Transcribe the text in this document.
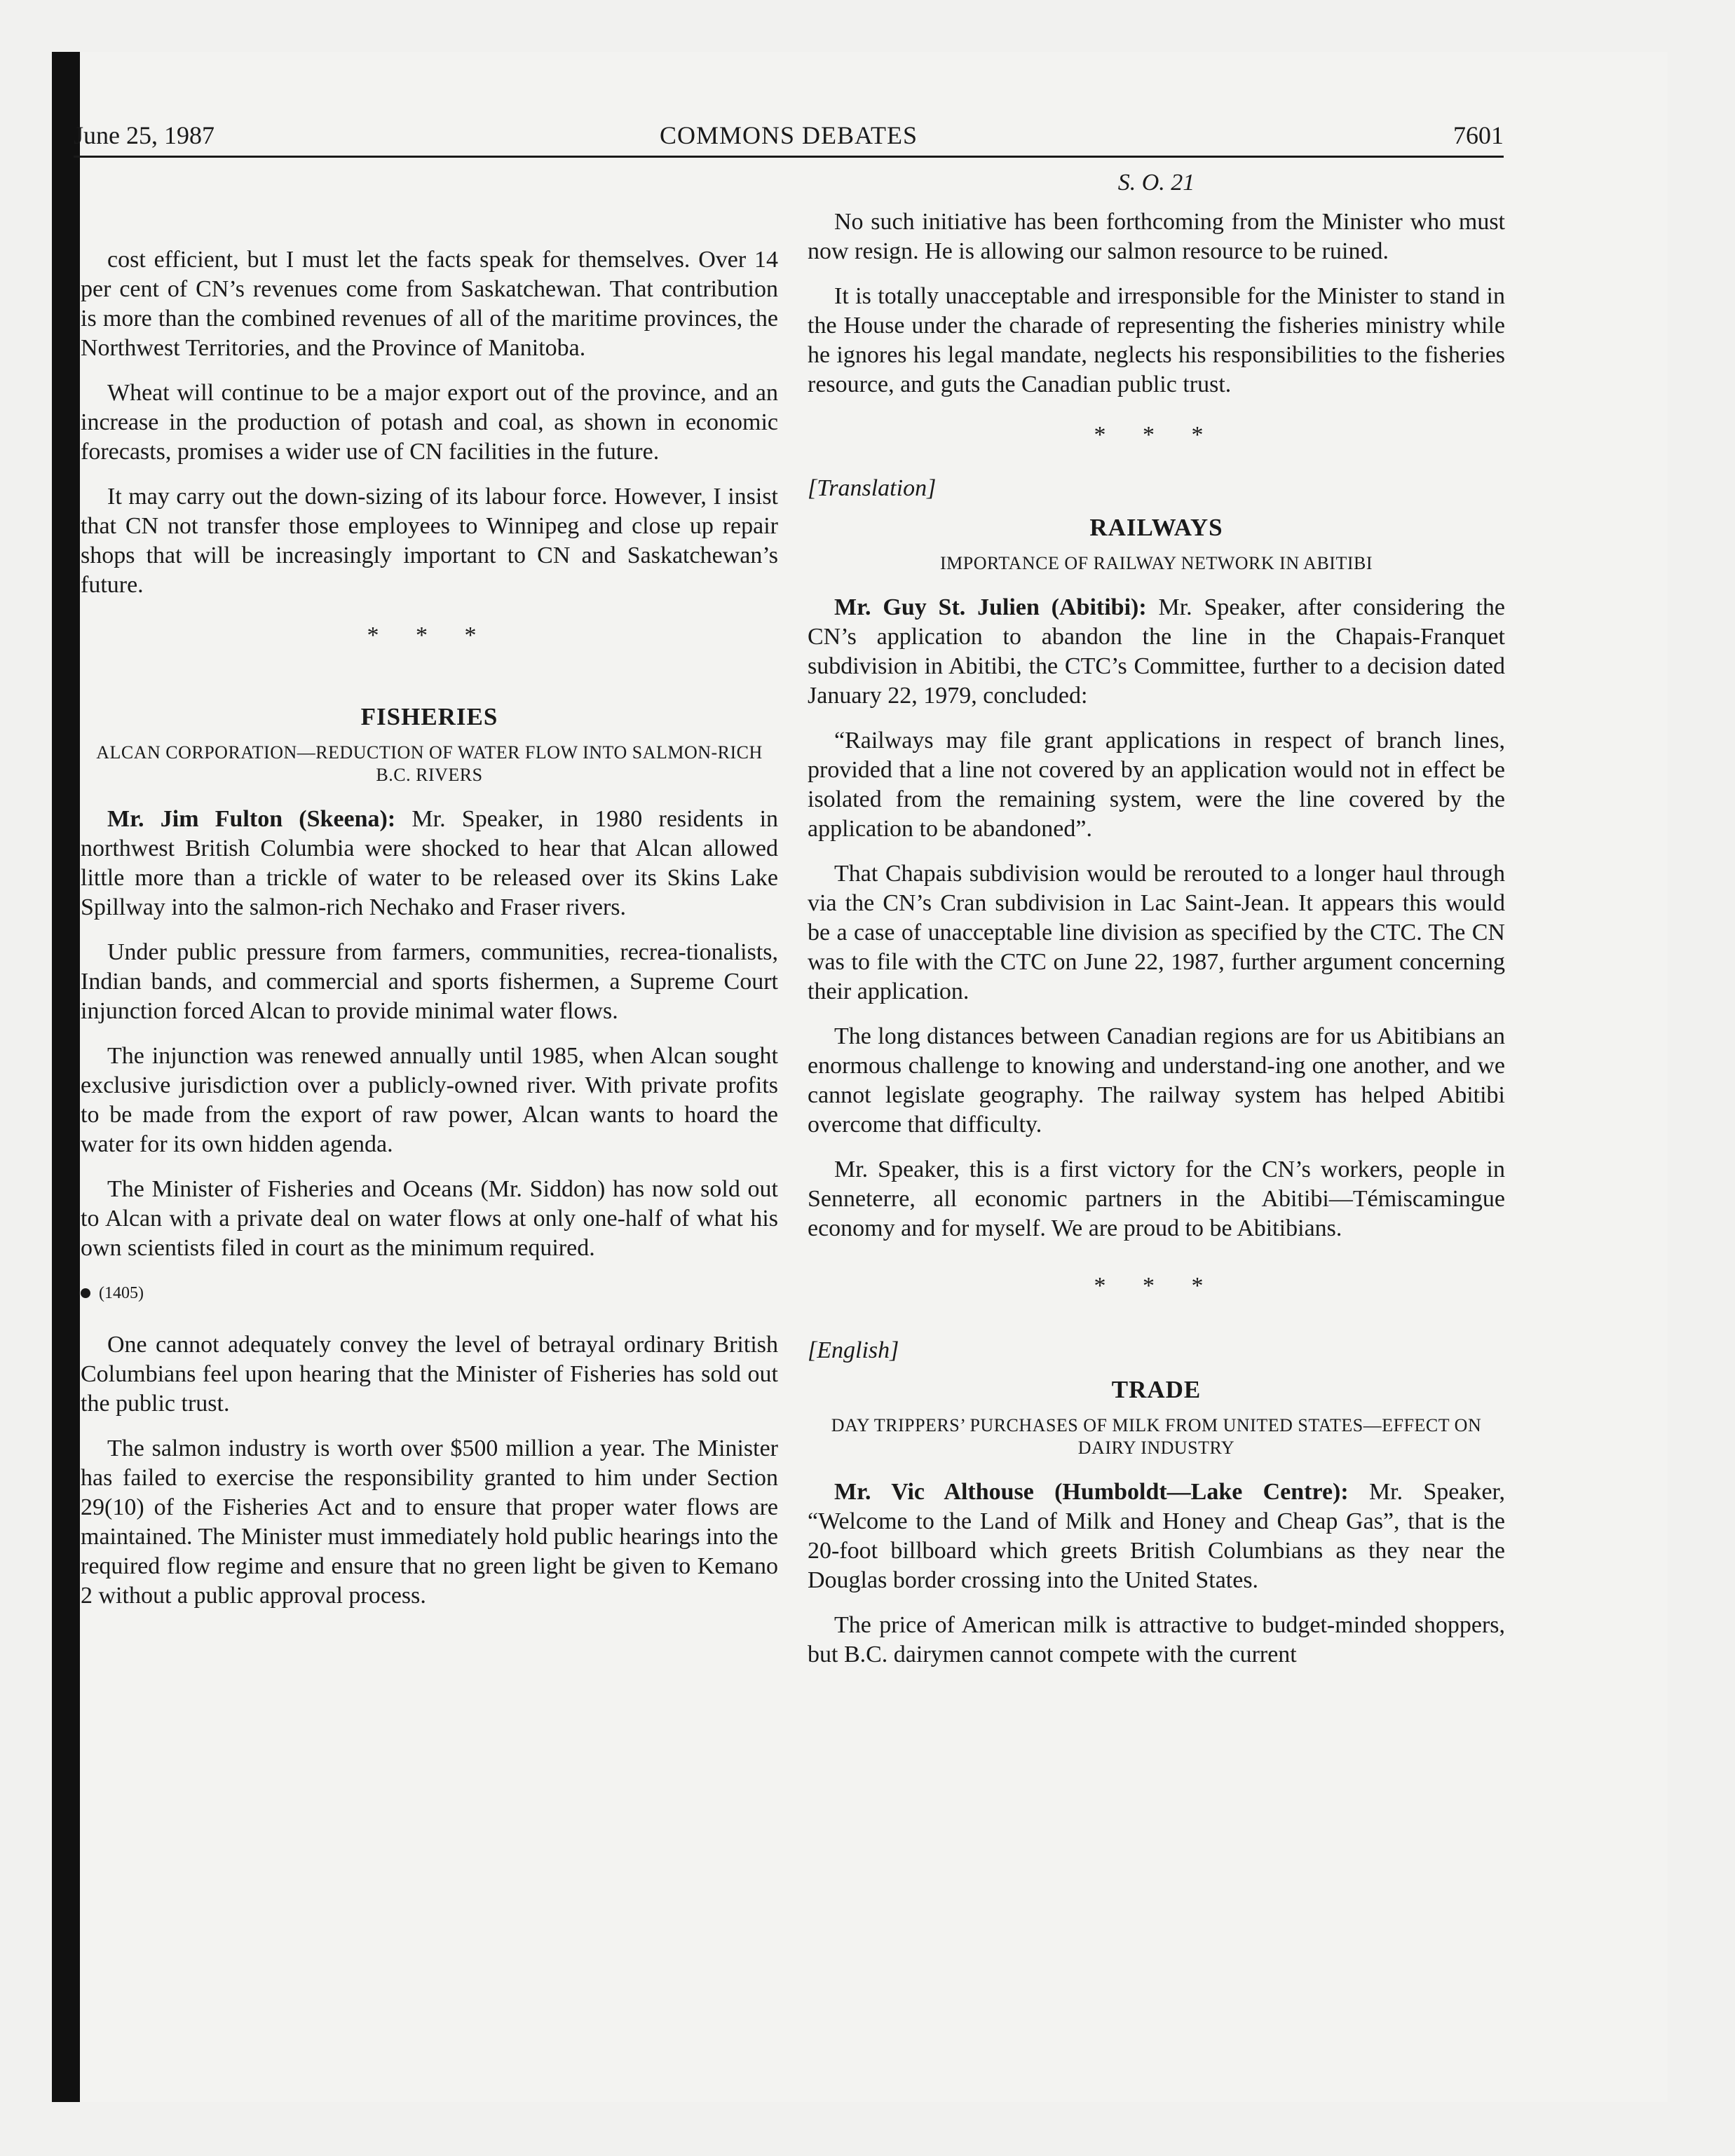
June 25, 1987	COMMONS DEBATES	7601

cost efficient, but I must let the facts speak for themselves. Over 14 per cent of CN’s revenues come from Saskatchewan. That contribution is more than the combined revenues of all of the maritime provinces, the Northwest Territories, and the Province of Manitoba.

Wheat will continue to be a major export out of the province, and an increase in the production of potash and coal, as shown in economic forecasts, promises a wider use of CN facilities in the future.

It may carry out the down-sizing of its labour force. However, I insist that CN not transfer those employees to Winnipeg and close up repair shops that will be increasingly important to CN and Saskatchewan’s future.

* * *
FISHERIES
ALCAN CORPORATION—REDUCTION OF WATER FLOW INTO SALMON-RICH B.C. RIVERS

Mr. Jim Fulton (Skeena): Mr. Speaker, in 1980 residents in northwest British Columbia were shocked to hear that Alcan allowed little more than a trickle of water to be released over its Skins Lake Spillway into the salmon-rich Nechako and Fraser rivers.

Under public pressure from farmers, communities, recrea-tionalists, Indian bands, and commercial and sports fishermen, a Supreme Court injunction forced Alcan to provide minimal water flows.

The injunction was renewed annually until 1985, when Alcan sought exclusive jurisdiction over a publicly-owned river. With private profits to be made from the export of raw power, Alcan wants to hoard the water for its own hidden agenda.

The Minister of Fisheries and Oceans (Mr. Siddon) has now sold out to Alcan with a private deal on water flows at only one-half of what his own scientists filed in court as the minimum required.

(1405)

One cannot adequately convey the level of betrayal ordinary British Columbians feel upon hearing that the Minister of Fisheries has sold out the public trust.

The salmon industry is worth over $500 million a year. The Minister has failed to exercise the responsibility granted to him under Section 29(10) of the Fisheries Act and to ensure that proper water flows are maintained. The Minister must immediately hold public hearings into the required flow regime and ensure that no green light be given to Kemano 2 without a public approval process.

S. O. 21

No such initiative has been forthcoming from the Minister who must now resign. He is allowing our salmon resource to be ruined.

It is totally unacceptable and irresponsible for the Minister to stand in the House under the charade of representing the fisheries ministry while he ignores his legal mandate, neglects his responsibilities to the fisheries resource, and guts the Canadian public trust.

* * *
[Translation]
RAILWAYS
IMPORTANCE OF RAILWAY NETWORK IN ABITIBI

Mr. Guy St. Julien (Abitibi): Mr. Speaker, after considering the CN’s application to abandon the line in the Chapais-Franquet subdivision in Abitibi, the CTC’s Committee, further to a decision dated January 22, 1979, concluded:

“Railways may file grant applications in respect of branch lines, provided that a line not covered by an application would not in effect be isolated from the remaining system, were the line covered by the application to be abandoned”.

That Chapais subdivision would be rerouted to a longer haul through via the CN’s Cran subdivision in Lac Saint-Jean. It appears this would be a case of unacceptable line division as specified by the CTC. The CN was to file with the CTC on June 22, 1987, further argument concerning their application.

The long distances between Canadian regions are for us Abitibians an enormous challenge to knowing and understand-ing one another, and we cannot legislate geography. The railway system has helped Abitibi overcome that difficulty.

Mr. Speaker, this is a first victory for the CN’s workers, people in Senneterre, all economic partners in the Abitibi—Témiscamingue economy and for myself. We are proud to be Abitibians.

* * *
[English]
TRADE
DAY TRIPPERS’ PURCHASES OF MILK FROM UNITED STATES—EFFECT ON DAIRY INDUSTRY

Mr. Vic Althouse (Humboldt—Lake Centre): Mr. Speaker, “Welcome to the Land of Milk and Honey and Cheap Gas”, that is the 20-foot billboard which greets British Columbians as they near the Douglas border crossing into the United States.

The price of American milk is attractive to budget-minded shoppers, but B.C. dairymen cannot compete with the current
